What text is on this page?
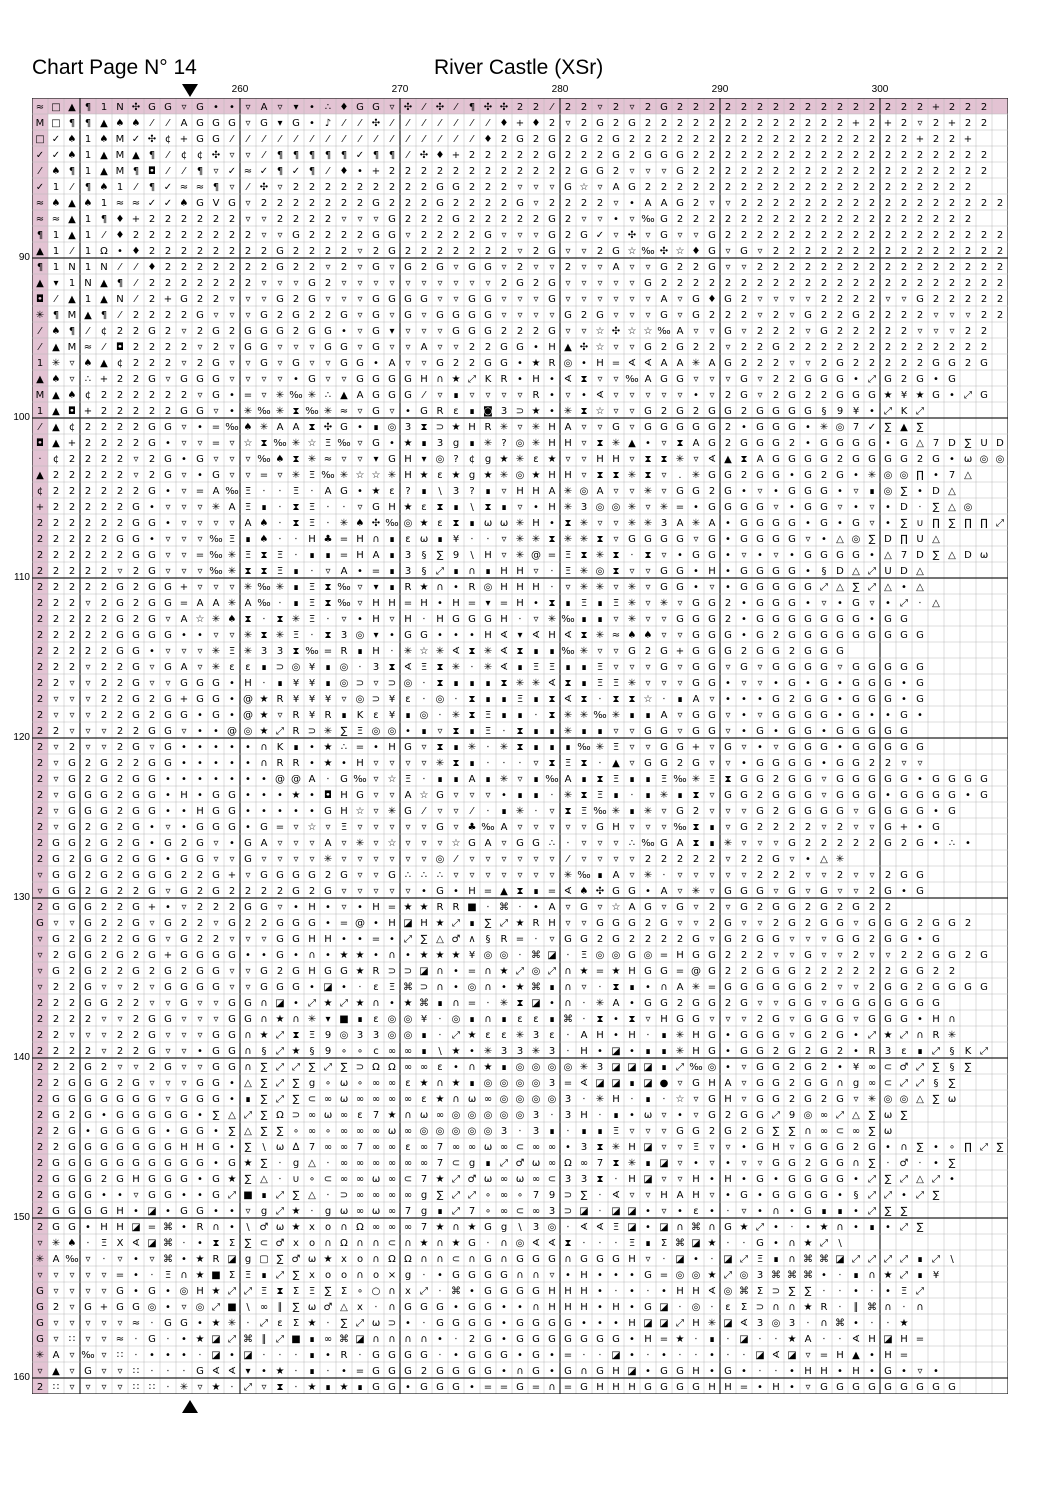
Chart Page N° 14	River Castle (XSr)
260	270	280	290	300
90
100
110
120
130
140
150
160
≈ □ ▲ ¶ 1 N ✣ G G ▿ G • • ▿ A ▿ ▾ • ∴ ♦ G G ▿ ✣ ⁄ ✣ ⁄ ¶ ✣ ✣ 2 2 ⁄ 2 2 ▿ 2 ▿ 2 G 2 2 2 2 2 2 2 2 2 2 2 2 2 2 2 2 + 2 2 2
M □ ¶ ¶ ▲ ♠ ♠ ⁄ ⁄ A G G G ▿ G ▾ G • ♪ ⁄ ⁄ ✣ ⁄ ⁄ ⁄ ⁄ ⁄ ⁄ ⁄ ♦ + ♦ 2 ▿ 2 G 2 G 2 2 2 2 2 2 2 2 2 2 2 2 2 + 2 + 2 ▿ 2 + 2 2
□ ✓ ♠ 1 ♠ M ✓ ✣ ¢ + G G ⁄ ⁄ ⁄ ⁄ ⁄ ⁄ ⁄ ⁄ ⁄ ⁄ ⁄ ⁄ ⁄ ⁄ ⁄ ⁄ ♦ 2 G 2 G 2 G 2 G 2 2 2 2 2 2 2 2 2 2 2 2 2 2 2 2 2 2 + 2 2 +
✓ ✓ ♠ 1 ▲ M ▲ ¶ ⁄ ¢ ¢ ✣ ▿ ▿ ⁄ ¶ ¶ ¶ ¶ ¶ ✓ ¶ ¶ ⁄ ✣ ♦ + 2 2 2 2 2 G 2 2 2 G 2 G G G 2 2 2 2 2 2 2 2 2 2 2 2 2 2 2 2 2 2 2
⁄ ♠ ¶ 1 ▲ M ¶ ◘ ⁄ ⁄ ¶ ▿ ✓ ≈ ✓ ¶ ✓ ¶ ⁄ ♦ • + 2 2 2 2 2 2 2 2 2 2 2 2 G G 2 ▿ ▿ ▿ G 2 2 2 2 2 2 2 2 2 2 2 2 2 2 2 2 2 2 2
✓ 1 ⁄ ¶ ♠ 1 ⁄ ¶ ✓ ≈ ≈ ¶ ▿ ⁄ ✣ ▿ 2 2 2 2 2 2 2 2 2 G G 2 2 2 ▿ ▿ ▿ G ☆ ▿ A G 2 2 2 2 2 2 2 2 2 2 2 2 2 2 2 2 2 2 2 2 2
≈ ♠ ▲ ♠ 1 ≈ ≈ ✓ ✓ ♠ G V G ▿ 2 2 2 2 2 2 2 G 2 2 2 G 2 2 2 2 G ▿ 2 2 2 2 ▿ • A A G 2 ▿ ▿ 2 2 2 2 2 2 2 2 2 2 2 2 2 2 2 2 2
≈ ≈ ▲ 1 ¶ ♦ + 2 2 2 2 2 2 ▿ ▿ 2 2 2 2 ▿ ▿ ▿ G 2 2 2 G 2 2 2 2 2 G 2 ▿ ▿ • ▿ ‰ G 2 2 2 2 2 2 2 2 2 2 2 2 2 2 2 2 2 2 2
¶ 1 ▲ 1 ⁄ ♦ 2 2 2 2 2 2 2 2 ▿ ▿ G 2 2 2 2 G G ▿ 2 2 2 2 G ▿ ▿ ▿ G 2 G ✓ ▿ ✣ ▿ G ▿ ▿ G 2 2 2 2 2 2 2 2 2 2 2 2 2 2 2 2 2 2
▲ 1 ⁄ 1 Ω • ♦ 2 2 2 2 2 2 2 2 G 2 2 2 2 ▿ 2 G 2 2 2 2 2 2 2 ▿ 2 G ▿ ▿ 2 G ☆ ‰ ✣ ☆ ♦ G ▿ G ▿ 2 2 2 2 2 2 2 2 2 2 2 2 2 2 2
¶ 1 N 1 N ⁄ ⁄ ♦ 2 2 2 2 2 2 2 G 2 2 ▿ 2 ▿ G ▿ G 2 G ▿ G G ▿ 2 ▿ ▿ 2 ▿ ▿ A ▿ ▿ G 2 2 G ▿ ▿ 2 2 2 2 2 2 2 2 2 2 2 2 2 2 2 2
▲ ▾ 1 N ▲ ¶ ⁄ 2 2 2 2 2 2 2 ▿ ▿ ▿ G 2 ▿ ▿ ▿ ▿ ▿ ▿ ▿ ▿ ▿ ▿ 2 G 2 G ▿ ▿ ▿ ▿ ▿ G 2 2 2 2 2 2 2 2 2 2 2 2 2 2 2 2 2 2 2 2 2 2
◘ ⁄ ▲ 1 ▲ N ⁄ 2 + G 2 2 ▿ ▿ ▿ G 2 G ▿ ▿ ▿ G G G G ▿ ▿ G G ▿ ▿ ▿ G ▿ ▿ ▿ ▿ ▿ ▿ A ▿ G ♦ G 2 ▿ ▿ ▿ ▿ 2 2 2 2 ▿ ▿ G 2 2 2 2 2
✳ ¶ M ▲ ¶ ⁄ 2 2 2 2 G ▿ ▿ ▿ G 2 G 2 2 G ▿ G ▿ G ▿ G G G G ▿ ▿ ▿ ▿ G 2 G ▿ ▿ ▿ G ▿ G 2 2 2 ▿ 2 ▿ G 2 2 G 2 2 2 2 ▿ ▿ ▿ 2 2
⁄ ♠ ¶ ⁄ ¢ 2 2 G 2 ▿ 2 G 2 G G G 2 G G • ▿ G ▾ ▿ ▿ ▿ G G G 2 2 2 G ▿ ▿ ☆ ✣ ☆ ☆ ‰ A ▿ ▿ G ▿ 2 2 2 ▿ G 2 2 2 2 2 ▿ ▿ ▿ 2 2
⁄ ▲ M ≈ ⁄ ◘ 2 2 2 2 ▿ 2 ▿ G G ▿ ▿ ▿ G G ▿ G ▿ ▿ A ▿ ▿ 2 2 G G • H ▲ ✣ ☆ ▿ ▿ G 2 G 2 2 ▿ 2 2 G 2 2 2 2 2 2 2 2 2 2 2 2 2
1 ✳ ▿ ♠ ▲ ¢ 2 2 2 ▿ 2 G ▿ ▿ G ▿ G ▿ ▿ G G • A ▿ ▿ G 2 2 G G • ★ R ◎ • H = ∢ ∢ A A ✳ A G 2 2 2 ▿ ▿ 2 G 2 2 2 2 2 G G 2 G
▲ ♠ ▿ ∴ + 2 2 G ▿ G G G ▿ ▿ ▿ ▿ • G ▿ ▿ G G G G H ∩ ★ ⤢ K R • H • ∢ ⧗ ▿ ▿ ‰ A G G ▿ ▿ ▿ G ▿ 2 2 G G G • ⤢ G 2 G • G
M ▲ ♠ ¢ 2 2 2 2 2 2 ▿ G • = ▿ ✳ ‰ ✳ ∴ ▲ A G G G ⁄ ▿ ∎ ▿ ▿ ▿ ▿ R • ▿ • ∢ ▿ ▿ ▿ ▿ ▿ • ▿ 2 G ▿ 2 G 2 2 G G G ★ ¥ ★ G • ⤢ G
1 ▲ ◘ + 2 2 2 2 2 G G ▿ • ✳ ‰ ✳ ⧗ ‰ ✳ ≈ ▿ G ▿ • G R ε ∎ ◙ 3 ⊃ ★ • ✳ ⧗ ☆ ▿ ▿ G 2 G 2 G G 2 G G G G § 9 ¥ • ⤢ K ⤢
⁄ ▲ ¢ 2 2 2 2 G G ▿ • = ‰ ♠ ✳ A A ⧗ ✣ G • ∎ ◎ 3 ⧗ ⊃ ★ H R ✳ ▿ ✳ H A ▿ ▿ G ▿ G G G G G 2 • G G G • ✳ ◎ 7 ✓ ∑ ▲ ∑
◘ ▲ + 2 2 2 2 G • ▿ ▿ = ▿ ☆ ⧗ ‰ ✳ ☆ Ξ ‰ ▿ G • ★ ∎ 3 g ∎ ✳ ? ◎ ✳ H H ▿ ⧗ ✳ ▲ • ▿ ⧗ A G 2 G G G 2 • G G G G • G △ 7 D ∑ U D
· ¢ 2 2 2 2 ▿ 2 G • G ▿ ▿ ▿ ‰ ♠ ⧗ ✳ ≈ ▿ ▿ ▾ G H ▾ ◎ ? ¢ g ★ ✳ ε ★ ▿ ▿ H H ▿ ⧗ ⧗ ✳ ▿ ∢ ▲ ⧗ A G G G G 2 G G G G 2 G • ω ◎ ◎
▲ 2 2 2 2 2 ▿ 2 G ▿ • G ▿ ▿ = ▿ ✳ Ξ ‰ ✳ ☆ ☆ ✳ H ★ ε ★ g ★ ✳ ◎ ★ H H ▿ ⧗ ⧗ ✳ ⧗ ▿ . ✳ G G 2 G G • G 2 G • ✳ ◎ ◎ ∏ • 7 △
¢ 2 2 2 2 2 2 G • ▿ = A ‰ Ξ ⋅ ⋅ Ξ ⋅ A G • ★ ε ? ∎ \ 3 ? ∎ ▿ H H A ✳ ◎ A ▿ ▿ ✳ ▿ G G 2 G • ▿ • G G G • ▿ ∎ ◎ ∑ • D △
+ 2 2 2 2 2 G • ▿ ▿ ▿ ✳ A Ξ ∎ ⋅ ⧗ Ξ ⋅ ⋅ ▿ G H ★ ε ⧗ ∎ \ ⧗ ∎ ▿ • H ✳ 3 ◎ ◎ ✳ ▿ ✳ = • G G G G ▿ • G G ▿ • ▿ • D ⋅ ∑ △ ◎
2 2 2 2 2 2 G G • ▿ ▿ ▿ ▿ A ♠ ⋅ ⧗ Ξ ⋅ ✳ ♠ ✣ ‰ ◎ ★ ε ⧗ ∎ ω ω ✳ H • ⧗ ✳ ▿ ▿ ✳ ✳ 3 A ✳ A • G G G G • G • G ▿ • ∑ ∪ ∏ ∑ ∏ ∏ ⤢
2 2 2 2 2 G G • ▿ ▿ ▿ ‰ Ξ ∎ ♠ ⋅ ⋅ H ♣ = H ∩ ∎ ε ω ∎ ¥ ⋅ ⋅ ▿ ✳ ✳ ⧗ ✳ ✳ ⧗ ▿ G G G G ▿ G • G G G G ▿ • △ ◎ ∑ D ∏ U △
2 2 2 2 2 2 G G ▿ ▿ = ‰ ✳ Ξ ⧗ Ξ ⋅ ∎ ∎ = H A ∎ 3 § ∑ 9 \ H ▿ ✳ @ = Ξ ⧗ ✳ ⧗ ⋅ ⧗ ▿ • G G • ▿ • ▿ • G G G G • △ 7 D ∑ △ D ω
2 2 2 2 2 ▿ 2 G ▿ ▿ ▿ ‰ ✳ ⧗ ⧗ Ξ ∎ ⋅ ▿ A • = ∎ 3 § ⤢ ∎ ∩ ∎ H H ▿ ⋅ Ξ ✳ ◎ ⧗ ▿ ▿ G G • H • G G G G • § D △ ⤢ U D △
2 2 2 2 2 G 2 G G + ▿ ▿ ▿ ✳ ‰ ✳ ∎ Ξ ⧗ ‰ ▿ ▾ ∎ R ★ ∩ • R ◎ H H H ⋅ ▿ ✳ ✳ ▿ ✳ ▿ G G • ▿ • G G G G G ⤢ △ ∑ ⤢ △ • △
2 2 2 ▿ 2 G 2 G G = A A ✳ A ‰ ⋅ ∎ Ξ ⧗ ‰ ▿ H H = H • H = ▾ = H • ⧗ ∎ Ξ ∎ Ξ ✳ ▿ ✳ ▿ G G 2 • G G G • ▿ • G ▿ • ⤢ ⋅ △
2 2 2 2 2 G 2 G ▿ A ☆ ✳ ♠ ⧗ ⋅ ⧗ ✳ Ξ ⋅ ▿ • H ▿ H ⋅ H G G G H ⋅ ▿ ✳ ‰ ∎ ∎ ▿ ✳ ▿ ▿ G G G 2 • G G G G G G G • G G
2 2 2 2 2 G G G G • • ▿ ▿ ✳ ⧗ ✳ Ξ ⋅ ⧗ 3 ◎ ▾ • G G • • • H ∢ ▾ ∢ H ∢ ⧗ ✳ ≈ ♠ ♠ ▿ ▿ G G G • G 2 G G G G G G G G G
2 2 2 2 2 G G • ▿ ▿ ▿ ✳ Ξ ✳ 3 3 ⧗ ‰ = R ∎ H ⋅ ✳ ☆ ✳ ∢ ⧗ ✳ ∢ ⧗ ∎ ∎ ‰ ✳ ▿ ▿ G 2 G + G G G 2 G G 2 G G G
2 2 2 ▿ 2 2 G ▿ G A ▿ ✳ ε ε ∎ ⊃ ◎ ¥ ∎ ◎ ⋅ 3 ⧗ ∢ Ξ ⧗ ✳ ⋅ ✳ ∢ ∎ Ξ Ξ ∎ ∎ Ξ ▿ ▿ ▿ G ▿ G G ▿ G ▿ G G G G ▿ G G G G G
2 2 ▿ ▿ 2 2 G ▿ ▿ G G G • H ⋅ ∎ ¥ ¥ ∎ ◎ ⊃ ▿ ⊃ ◎ ⋅ ⧗ ∎ ∎ ∎ ⧗ ✳ ✳ ∢ ⧗ ∎ Ξ Ξ ✳ ▿ ▿ ▿ G G • ▿ ▿ • G • G • G G G • G
2 ▿ ▿ ▿ 2 2 G 2 G + G G • @ ★ R ¥ ¥ ¥ ▿ ◎ ⊃ ¥ ε ⋅ ◎ ⋅ ⧗ ∎ ∎ Ξ ∎ ⧗ ∢ ⧗ ⋅ ⧗ ⧗ ☆ ⋅ ∎ A ▿ • • • G 2 G G • G G G • G
2 ▿ ▿ ▿ 2 2 G 2 G G • G • @ ★ ▿ R ¥ R ∎ K ε ¥ ∎ ◎ ⋅ ✳ ⧗ Ξ ∎ ∎ ⋅ ⧗ ✳ ✳ ‰ ✳ ∎ ∎ A ▿ G G ▿ • ▿ G G G G • G • • G •
2 2 ▿ ▿ ▿ 2 2 G G ▿ • • @ ◎ ★ ⤢ R ⊃ ✳ ∑ Ξ ◎ ◎ • ∎ ▿ ⧗ ∎ Ξ ⋅ ⧗ ∎ ∎ ✳ ∎ ∎ ▿ ▿ G G ▿ G G ▿ • G • G G • G G G G G
2 ▿ 2 ▿ ▿ 2 G ▿ G • • • • • ∩ K ∎ • ★ ∴ = • H G ▿ ⧗ ∎ ✳ ⋅ ✳ ⧗ ∎ ∎ ∎ ‰ ✳ Ξ ▿ ▿ G G + ▿ G ▿ • ▿ G G G • G G G G G
2 ▿ G 2 G 2 2 G G • • • • • ∩ R R • ★ • H ▿ ▿ ▿ ▿ ✳ ⧗ ∎ ⋅ ⋅ ⋅ ▿ ⧗ Ξ ⧗ ⋅ ▲ ▿ G G 2 G ▿ ▿ • G G G G • G G 2 2 ▿ ▿
2 ▿ G 2 G 2 G G • • • • • • • @ @ A ⋅ G ‰ ▿ ☆ Ξ ⋅ ∎ ∎ A ∎ ✳ ▿ ∎ ‰ A ∎ ⧗ Ξ ∎ ∎ Ξ ‰ ✳ Ξ ⧗ G G 2 G G ▿ G G G G G • G G G G
2 ▿ G G G 2 G G • H • G G • • • ★ • ◘ H G ▿ ▿ A ☆ G ▿ ▿ ▿ • ∎ ∎ ⋅ ✳ ⧗ Ξ ∎ ⋅ ∎ ✳ ∎ ⧗ ▿ G G 2 G G G ▿ G G G • G G G G • G
2 ▿ G G G 2 G G • • H G G • • • • • G H ☆ ▿ ✳ G ⁄ ▿ ▿ ⁄ ⋅ ∎ ✳ ⋅ ▿ ⧗ Ξ ‰ ✳ ∎ ✳ ▿ G 2 ▿ ▿ ▿ G 2 G G G G ▿ G G G G • G
2 ▿ G 2 G 2 G • ▿ • G G G • G = ▿ ☆ ▿ Ξ ▿ ▿ ▿ ▿ ▿ G ▿ ♣ ‰ A ▿ ▿ ▿ ▿ ▿ G H ▿ ▿ ▿ ‰ ⧗ ∎ ▿ G 2 2 2 2 ▿ 2 ▿ ▿ G + • G
2 G G 2 G 2 G • G 2 G ▿ • G A ▿ ▿ ▿ A ▿ ✳ ▿ ☆ ▿ ▿ ▿ ☆ G A ▿ G G ∴ ⋅ ▿ ▿ ▿ ∴ ‰ G A ⧗ ∎ ✳ ▿ ▿ ▿ G 2 2 2 2 2 G 2 G • ∴ •
2 G 2 G G 2 G G • G G ▿ ▿ G ▿ ▿ ▿ ▿ ✳ ▿ ▿ ▿ ▿ ▿ ▿ ◎ ⁄ ▿ ▿ ▿ ▿ ▿ ▿ ⁄ ▿ ▿ ▿ ▿ 2 2 2 2 2 ▿ 2 2 G ▿ • △ ✳
▿ G G 2 G 2 G G G 2 2 G + ▿ G G G G 2 G ▿ ▿ G ∴ ∴ ∴ ▿ ▿ ▿ ▿ ▿ ▿ ▿ ✳ ‰ ∎ A ▿ ✳ ⋅ ▿ ▿ ▿ ▿ ▿ 2 2 2 ▿ ▿ 2 ▿ ▿ 2 G G
▿ G G 2 G 2 2 G ▿ G 2 G 2 2 2 2 G 2 G ▿ ▿ ▿ ▿ ▿ • G • H = ▲ ⧗ ∎ = ∢ ♠ ✣ G G • A ▿ ✳ ▿ G G G ▿ G ▿ G ▿ ▿ 2 G • G
2 G G G 2 2 G + • ▿ 2 2 2 G G ▿ • H • ▿ • H = ★ ★ R R ■ ⋅ ⌘ ⋅ • A ▿ G ▿ ☆ A G ▿ G ▿ 2 ▿ G 2 G G 2 G 2 G 2 2
G ▿ ▿ G 2 2 G ▿ G 2 2 ▿ G 2 2 G G G • = @ • H ◪ H ★ ⤢ ∎ ∑ ⤢ ★ R H ▿ ▿ G G G 2 G ▿ ▿ 2 G ▿ ▿ 2 G 2 G G ▿ G G G 2 G G 2
▿ G 2 G 2 2 G G ▿ G 2 2 ▿ ▿ ▿ G G H H • • = • ⤢ ∑ △ ♂ ∧ § R = ⋅ ▿ G G 2 G 2 2 2 2 G ▿ G 2 G G ▿ ▿ ▿ G G 2 G G • G
▿ 2 G G 2 G 2 G + G G G G • • G • ∩ • ★ ★ • ∩ • ★ ★ ★ ¥ ◎ ◎ ⋅ ⌘ ◪ ⋅ Ξ ◎ ◎ G ◎ = H G G 2 2 2 ▿ ▿ G ▿ ▿ 2 ▿ ▿ 2 2 G G 2 G
▿ G 2 G 2 2 G 2 G 2 G G ▿ ▿ G 2 G H G G ★ R ⊃ ⊃ ◪ ∩ • = ∩ ★ ⤢ ◎ ⤢ ∩ ★ = ★ H G G = @ G 2 2 G G G 2 2 2 2 2 2 G G 2 2
▿ 2 2 G ▿ ▿ 2 ▿ G G G G ▿ ▿ G G G • ◪ • ⋅ ε Ξ ⌘ ⊃ ∩ • ◎ ∩ • ★ ⌘ ∎ ∩ ▿ ⋅ ⧗ ∎ • ∩ A ✳ = G G G G G G 2 ▿ ▿ 2 G G 2 G G G G
2 2 2 G G 2 2 ▿ ▿ G ▿ ▿ G G ∩ ◪ • ⤢ ★ ⤢ ★ ∩ • ★ ⌘ ∎ ∩ = ⋅ ✳ ⧗ ◪ • ∩ ⋅ ✳ A • G G 2 G G 2 G ▿ ▿ G G ▿ G G G G G G G
2 2 2 2 ▿ ▿ 2 G G ▿ ▿ ▿ G G ∩ ★ ∩ ✳ ▾ ■ ∎ ε ◎ ◎ ¥ ⋅ ◎ ∎ ∩ ∎ ε ε ∎ ⌘ ⋅ ⧗ • ⧗ ▿ H G G ▿ ▿ ▿ 2 G ▿ G G G ▿ G G G • H ∩
2 2 ▿ ▿ ▿ 2 2 G ▿ ▿ ▿ G G ∩ ★ ⤢ ⧗ Ξ 9 ◎ 3 3 ◎ ◎ ∎ ⋅ ⤢ ★ ε ε ✳ 3 ε ⋅ A H • H ⋅ ∎ ✳ H G • G G G ▿ G 2 G • ⤢ ★ ⤢ ∩ R ✳
2 2 2 2 ▿ 2 2 G ▿ ▿ • G G ∩ § ⤢ ★ § 9 ∘ ∘ c ∞ ∞ ∎ \ ★ • ✳ 3 3 ✳ 3 ⋅ H • ◪ • ∎ ∎ ✳ H G • G G 2 G 2 G 2 • R 3 ε ∎ ⤢ § K ⤢
2 2 2 G 2 ▿ ▿ 2 G ▿ ▿ G G ∩ ∑ ⤢ ⤢ ∑ ⤢ ∑ ⊃ Ω Ω ∞ ∞ ε • ∩ ★ ∎ ◎ ◎ ◎ ◎ ✳ 3 ◪ ◪ ◪ ∎ ⤢ ‰ ◎ • ▿ G G 2 G 2 • ¥ ∞ ⊂ ♂ ⤢ ∑ § ∑
2 2 G G G 2 G ▿ ▿ ▿ G G • △ ∑ ⤢ ∑ g ∘ ω ∘ ∞ ∞ ε ★ ∩ ★ ∎ ◎ ◎ ◎ ◎ 3 = ∢ ◪ ◪ ∎ ◪ ● ▿ G H A ▿ G G 2 G G ∩ g ∞ ⊂ ⤢ ⤢ § ∑
2 G G G G G G G ▿ G G G • ∎ ∑ ⤢ ∑ ⊂ ∞ ω ∞ ∞ ∞ ∞ ε ★ ∩ ω ∞ ◎ ◎ ◎ ◎ 3 ⋅ ✳ H ⋅ ∎ ⋅ ☆ ▿ G H ▿ G G 2 G 2 G ▿ ✳ ◎ ◎ △ ∑ ω
2 G 2 G • G G G G G • ∑ △ ⤢ ∑ Ω ⊃ ∞ ω ∞ ε 7 ★ ∩ ω ∞ ◎ ◎ ◎ ◎ ◎ 3 ⋅ 3 H ⋅ ∎ • ω ▿ • ▿ G 2 G G ⤢ 9 ◎ ∞ ⤢ △ ∑ ω ∑
2 2 G • G G G G • G G • ∑ △ ∑ ∑ ∘ ∞ ∘ ∞ ∞ ∞ ω ∞ ◎ ◎ ◎ ◎ ◎ 3 ⋅ 3 ∎ ⋅ ∎ ∎ Ξ ▿ ▿ ▿ G G 2 G 2 G ∑ ∑ ∩ ∞ ⊂ ∞ ∑ ω
2 2 G G G G G G G H H G • ∑ \ ω ∆ 7 ∞ ∞ 7 ∞ ∞ ε ∞ 7 ∞ ∞ ω ∞ ⊂ ∞ ∞ • 3 ⧗ ✳ H ◪ ▿ ▿ Ξ ▿ ▿ • G H ▿ G G G 2 G • ∩ ∑ • ∘ ∏ ⤢ ∑
2 G G G G G G G G G G • G ★ ∑ ⋅ g △ ⋅ ∞ ∞ ∞ ∞ ∞ ∞ 7 ⊂ g ∎ ⤢ ♂ ω ∞ Ω ∞ 7 ⧗ ✳ ∎ ◪ ▿ • ▿ • ▿ ▿ G G 2 G G ∩ ∑ ⋅ ♂ ⋅ • ∑
2 G G G 2 G H G G G • G ★ ∑ △ ⋅ ∪ ∘ ⊂ ∞ ∞ ω ∞ ⊂ 7 ★ ⤢ ♂ ω ∞ ω ∞ ⊂ 3 3 ⧗ ⋅ H ◪ ▿ ▿ H • H • G • G G G G • ⤢ ∑ ⤢ △ ⤢ •
2 G G G • • ▿ G G • • G ⤢ ■ ∎ ⤢ ∑ △ ⋅ ⊃ ∞ ∞ ∞ ∞ g ∑ ⤢ ⤢ ∘ ∞ ∘ 7 9 ⊃ ∑ ⋅ ∢ ▿ ▿ H A H ▿ • G • G G G G • § ⤢ ⤢ • ⤢ ∑
2 G G G G H • ◪ • G G • • ▿ g ⤢ ★ ⋅ g ω ∞ ω ∞ 7 g ∎ ⤢ 7 ∘ ∞ ⊂ ∞ 3 ⊃ ◪ ⋅ ◪ ◪ • ▿ • ε • ⋅ ▿ • ∩ • G ∎ ∎ • ⤢ ∑ ∑
2 G G • H H ◪ = ⌘ • R ∩ • \ ♂ ω ★ x o ∩ Ω ∞ ∞ ∞ 7 ★ ∩ ★ G g \ 3 ◎ ⋅ ∢ ∢ Ξ ◪ • ◪ ∩ ⌘ ∩ G ★ ⤢ • ⋅ • ★ ∩ • ∎ • ⤢ ∑
▿ ✳ ♠ ⋅ Ξ X ∢ ◪ ⌘ ⋅ • ⧗ Σ ∑ ⊂ ♂ x o ∩ Ω ∩ ∩ ⊂ ∩ ★ ∩ ★ G ⋅ ∩ ◎ ∢ ∢ ⧗ ⋅ ⋅ ⋅ Ξ ∎ Σ ⌘ ◪ ★ ⋅ ⋅ G • ∩ ★ ⤢ \
✳ A ‰ ▿ ⋅ ▿ • ▿ ⌘ • ★ R ◪ g ▢ ∑ ♂ ω ★ x o ∩ Ω Ω ∩ ∩ ⊂ ∩ G ∩ G G G ∩ G G G H ▿ ⋅ ◪ • ⋅ ◪ ⤢ Ξ ∎ ∩ ⌘ ⌘ ◪ ⤢ ⤢ ⤢ ⤢ ∎ ⤢ \
▿ ▿ ▿ ▿ ▿ = • ⋅ Ξ ∩ ★ ■ Σ Ξ ∎ ⤢ ∑ x o o ∩ o × g ⋅ • G G G G ∩ ∩ ▿ • H • • • G = ◎ ◎ ★ ⤢ ◎ 3 ⌘ ⌘ ⌘ • ⋅ ∎ ∩ ★ ⤢ ∎ ¥
G ▿ ▿ ▿ ▿ G • G • ◎ H ★ ⤢ ⤢ Ξ ⧗ Σ Ξ ∑ Σ ∘ ○ ∩ x ⤢ ⋅ ⌘ • G G G G H H H • ⋅ • ⋅ • H H ∢ ◎ ⌘ Σ ⊃ ∑ ∑ ⋅ ⋅ • ⋅ • Ξ ⤢
G 2 ▿ G + G G ◎ • ▿ ◎ ⤢ ■ \ ∞ ∥ ∑ ω ♂ △ x ⋅ ∩ G G G • G G • • ∩ H H H • H • G ◪ ⋅ ◎ ⋅ ε Σ ⊃ ∩ ∩ ★ R ⋅ ∥ ⌘ ∩ ⋅ ∩
G ▿ ▿ ▿ ▿ ▿ ≈ ⋅ G G • ★ ✳ ⋅ ⤢ ε Σ ★ ⋅ ∑ ⤢ ω ⊃ • ⋅ G G G G • G G G G • • • H ◪ ◪ ⤢ H ✳ ◪ ∢ 3 ◎ 3 ⋅ ∩ ⌘ • ⋅ ⋅ ★
G ▿ ∷ ▿ ▿ ≈ ⋅ G ⋅ • ★ ◪ ⤢ ⌘ ∥ ⤢ ■ ∎ ∞ ⌘ ◪ ∩ ∩ ∩ ∩ • ⋅ 2 G • G G G G G G G • H = ★ ⋅ ∎ ⋅ ◪ ⋅ ⋅ ★ A ⋅ ⋅ ∢ H ◪ H =
✳ A ▿ ‰ ▿ ∷ ⋅ • • • ⋅ ◪ • ◪ ⋅ ⋅ ⋅ ∎ • R ⋅ G G G G ⋅ • G G G • G • = ⋅ ⋅ ◪ • ⋅ • ⋅ ⋅ • ⋅ ⋅ ◪ ∢ ◪ ▿ = H ▲ • H =
▿ ▲ ▿ G ▿ ▿ ∷ ⋅ ⋅ ⋅ G ∢ ∢ ▾ • ★ ⋅ ∎ ⋅ • = G G G 2 G G G G • ∩ G • G ∩ G H ◪ • G G H • G • ⋅ ⋅ • H H • H • G • ▿ •
2 ∷ ▿ ▿ ▿ ▿ ∷ ∷ ⋅ ✳ ▿ ★ ⋅ ⤢ ▿ ⧗ ⋅ ★ ∎ ★ ∎ G G • G G G • = = G = ∩ = G H H H G G G G H H = • H • ▿ G G G G G G G G G
